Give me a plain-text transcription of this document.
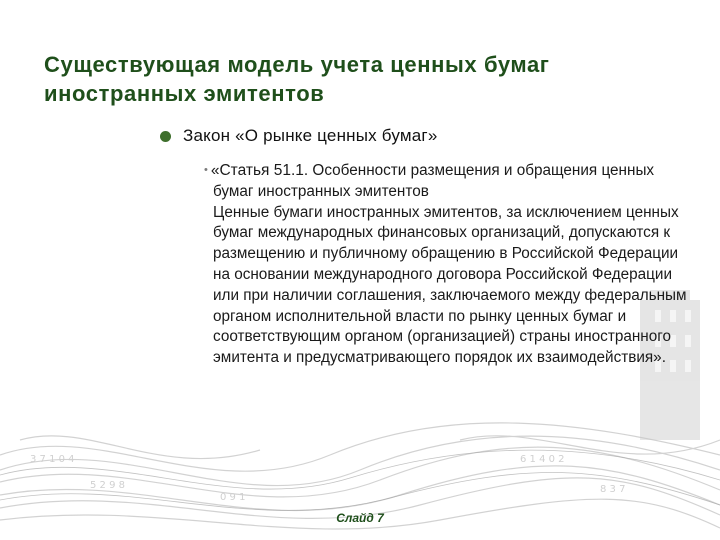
3 7 1 0 4
5 2 9 8
6 1 4 0 2
8 3 7
0 9 1
Существующая модель учета ценных бумаг иностранных эмитентов
Закон «О рынке ценных бумаг»

• «Статья 51.1. Особенности размещения и обращения ценных бумаг иностранных эмитентов

Ценные бумаги иностранных эмитентов, за исключением ценных бумаг международных финансовых организаций, допускаются к размещению и публичному обращению в Российской Федерации на основании международного договора Российской Федерации или при наличии соглашения, заключаемого между федеральным органом исполнительной власти по рынку ценных бумаг и соответствующим органом (организацией) страны иностранного эмитента и предусматривающего порядок их взаимодействия».

Слайд 7
